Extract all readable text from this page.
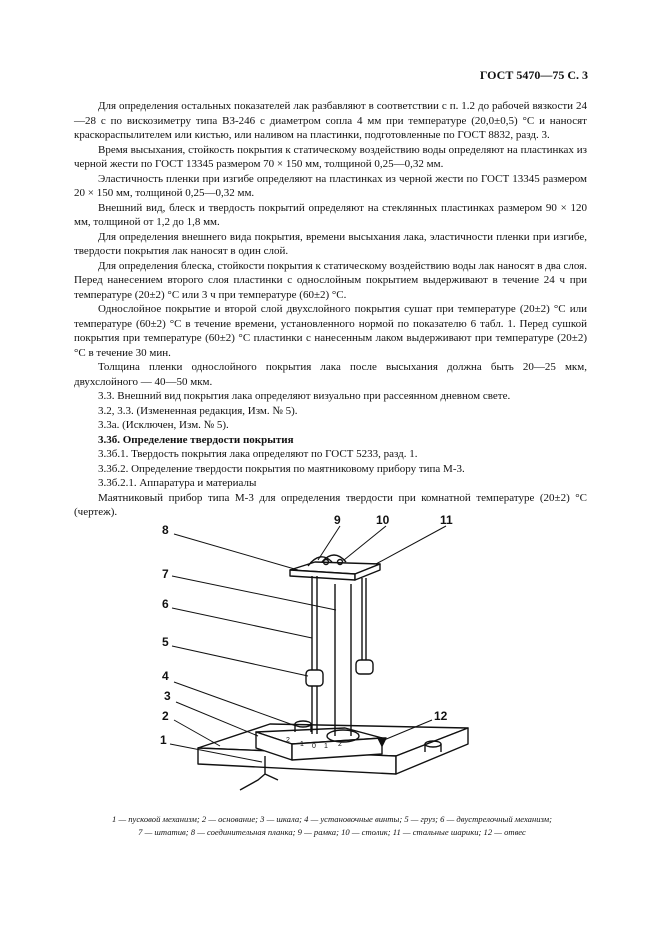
ГОСТ 5470—75 С. 3

Для определения остальных показателей лак разбавляют в соответствии с п. 1.2 до рабочей вязкости 24—28 с по вискозиметру типа ВЗ-246 с диаметром сопла 4 мм при температуре (20,0±0,5) °С и наносят краскораспылителем или кистью, или наливом на пластинки, подготовленные по ГОСТ 8832, разд. 3.

Время высыхания, стойкость покрытия к статическому воздействию воды определяют на пластинках из черной жести по ГОСТ 13345 размером 70 × 150 мм, толщиной 0,25—0,32 мм.

Эластичность пленки при изгибе определяют на пластинках из черной жести по ГОСТ 13345 размером 20 × 150 мм, толщиной 0,25—0,32 мм.

Внешний вид, блеск и твердость покрытий определяют на стеклянных пластинках размером 90 × 120 мм, толщиной от 1,2 до 1,8 мм.

Для определения внешнего вида покрытия, времени высыхания лака, эластичности пленки при изгибе, твердости покрытия лак наносят в один слой.

Для определения блеска, стойкости покрытия к статическому воздействию воды лак наносят в два слоя. Перед нанесением второго слоя пластинки с однослойным покрытием выдерживают в течение 24 ч при температуре (20±2) °С или 3 ч при температуре (60±2) °С.

Однослойное покрытие и второй слой двухслойного покрытия сушат при температуре (20±2) °С или температуре (60±2) °С в течение времени, установленного нормой по показателю 6 табл. 1. Перед сушкой покрытия при температуре (60±2) °С пластинки с нанесенным лаком выдерживают при температуре (20±2) °С в течение 30 мин.

Толщина пленки однослойного покрытия лака после высыхания должна быть 20—25 мкм, двухслойного — 40—50 мкм.

3.3. Внешний вид покрытия лака определяют визуально при рассеянном дневном свете.

3.2, 3.3. (Измененная редакция, Изм. № 5).

3.3а. (Исключен, Изм. № 5).

3.3б. Определение твердости покрытия

3.3б.1. Твердость покрытия лака определяют по ГОСТ 5233, разд. 1.

3.3б.2. Определение твердости покрытия по маятниковому прибору типа М-3.

3.3б.2.1. Аппаратура и материалы

Маятниковый прибор типа М-3 для определения твердости при комнатной температуре (20±2) °С (чертеж).

8
9	10	11
7
6
5
4
3
2
1
12
2
1 0 1 2
1 — пусковой механизм; 2 — основание; 3 — шкала; 4 — установочные винты; 5 — груз; 6 — двустрелочный механизм;
7 — штатив; 8 — соединительная планка; 9 — рамка; 10 — столик; 11 — стальные шарики; 12 — отвес
